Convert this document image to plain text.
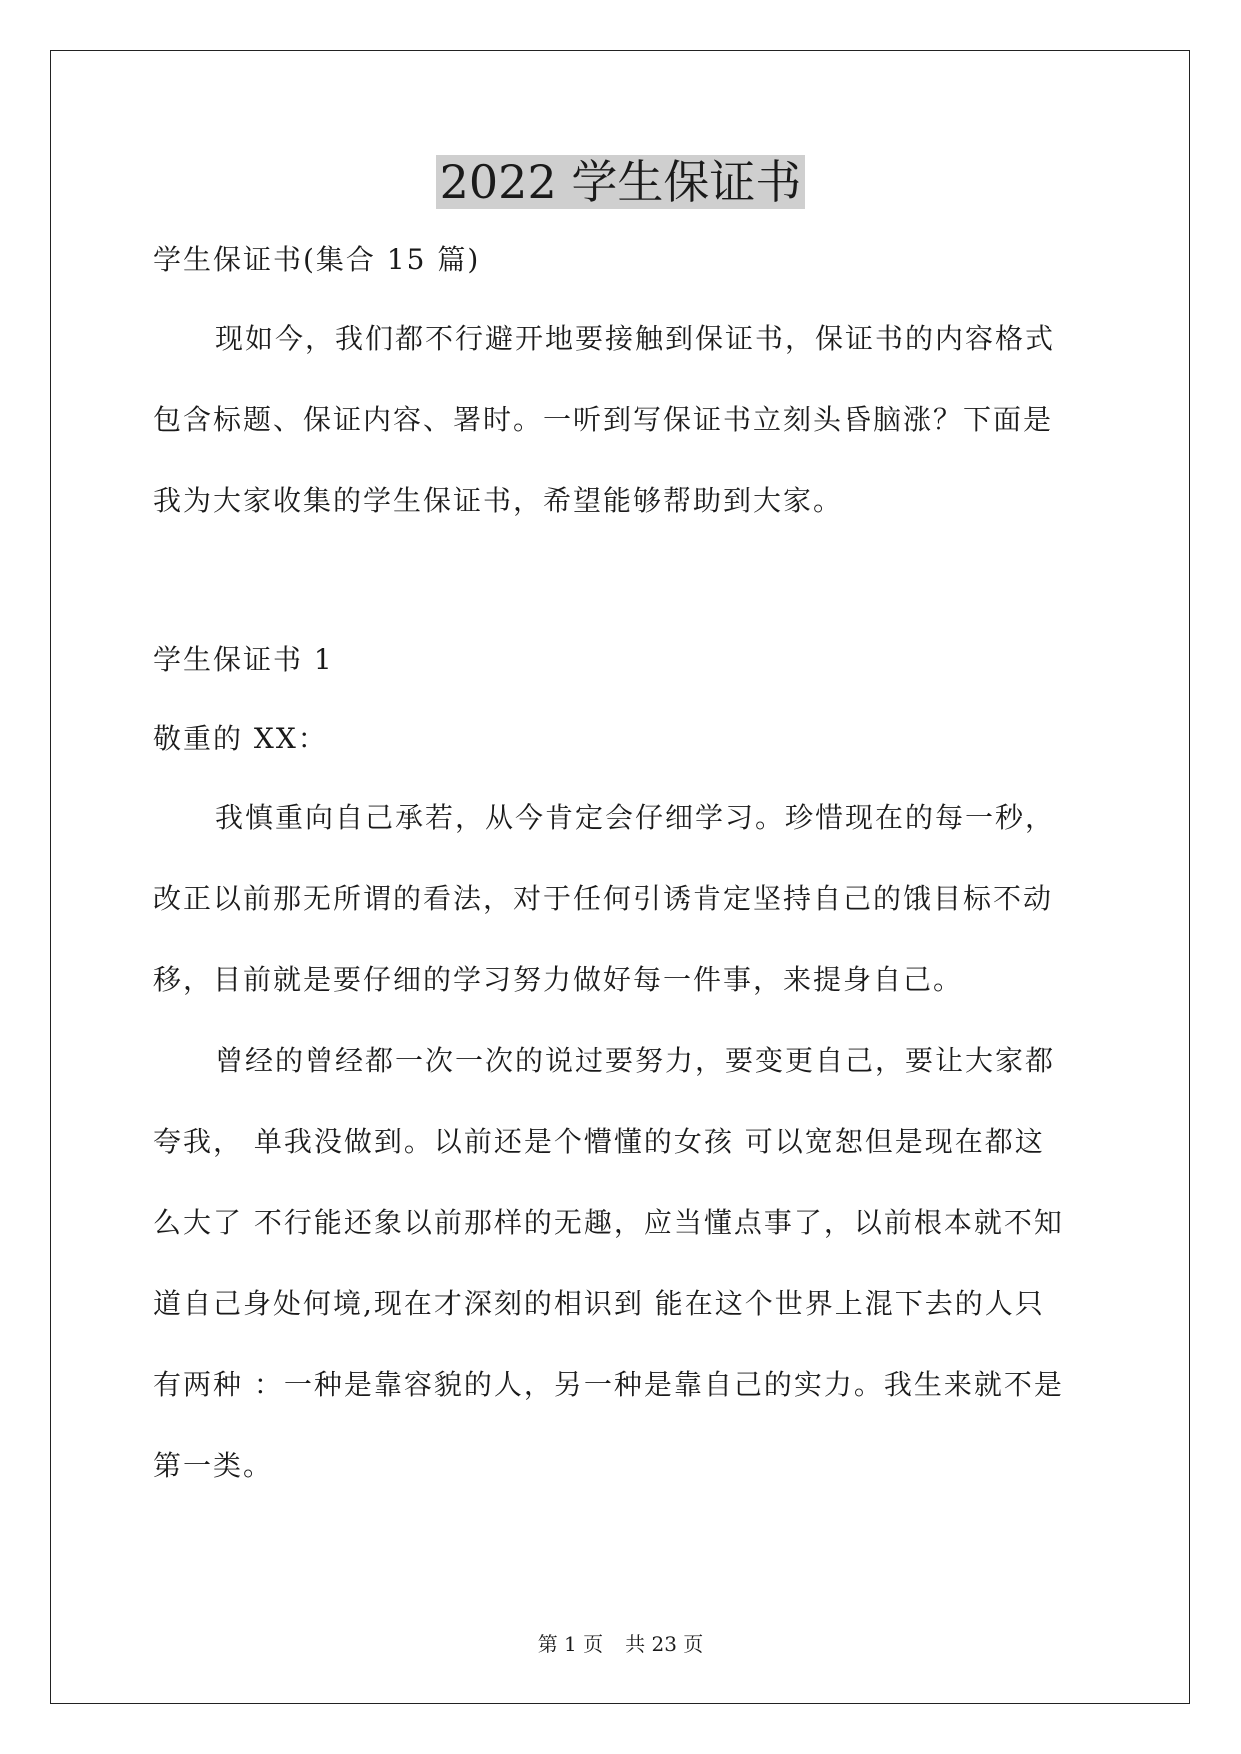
2022 学生保证书
学生保证书(集合 15 篇)
现如今，我们都不行避开地要接触到保证书，保证书的内容格式
包含标题、保证内容、署时。一听到写保证书立刻头昏脑涨？下面是
我为大家收集的学生保证书，希望能够帮助到大家。
学生保证书 1
敬重的 XX：
我慎重向自己承若，从今肯定会仔细学习。珍惜现在的每一秒，
改正以前那无所谓的看法，对于任何引诱肯定坚持自己的饿目标不动
移，目前就是要仔细的学习努力做好每一件事，来提身自己。
曾经的曾经都一次一次的说过要努力，要变更自己，要让大家都
夸我， 单我没做到。以前还是个懵懂的女孩 可以宽恕但是现在都这
么大了 不行能还象以前那样的无趣，应当懂点事了，以前根本就不知
道自己身处何境,现在才深刻的相识到 能在这个世界上混下去的人只
有两种 ：一种是靠容貌的人，另一种是靠自己的实力。我生来就不是
第一类。
第 1 页 共 23 页
